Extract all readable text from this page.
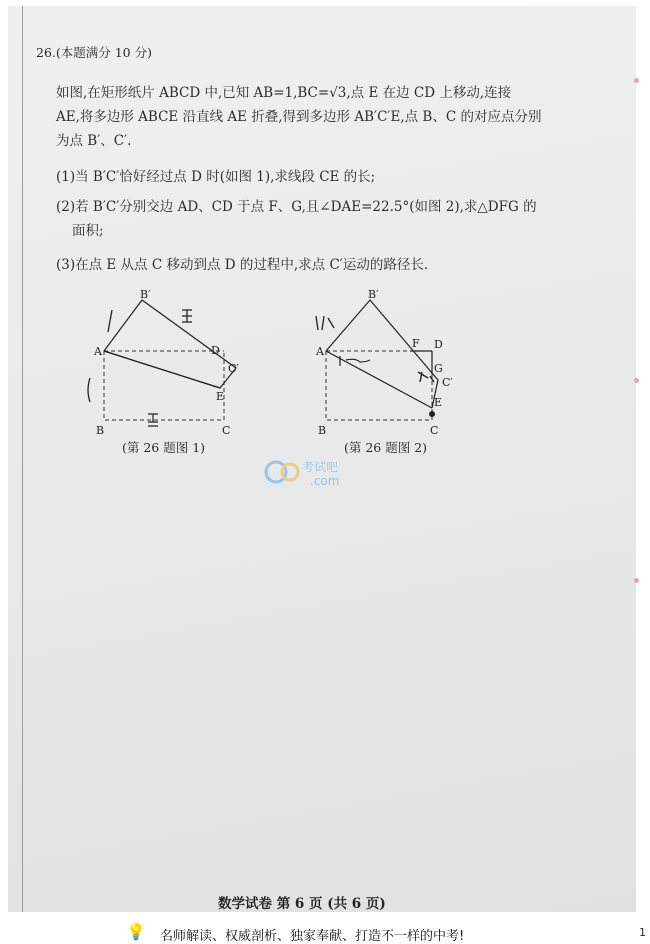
26.(本题满分 10 分)
如图,在矩形纸片 ABCD 中,已知 AB=1,BC=√3,点 E 在边 CD 上移动,连接
AE,将多边形 ABCE 沿直线 AE 折叠,得到多边形 AB′C′E,点 B、C 的对应点分别
为点 B′、C′.
(1)当 B′C′恰好经过点 D 时(如图 1),求线段 CE 的长;
(2)若 B′C′分别交边 AD、CD 于点 F、G,且∠DAE=22.5°(如图 2),求△DFG 的
面积;
(3)在点 E 从点 C 移动到点 D 的过程中,求点 C′运动的路径长.
A
B′
D
C′
E
B	C
(第 26 题图 1)
A
B′
F D
G
C′
E
B	C
(第 26 题图 2)
考试吧
.com
数学试卷 第 6 页 (共 6 页)
💡 名师解读、权威剖析、独家奉献、打造不一样的中考!	1
